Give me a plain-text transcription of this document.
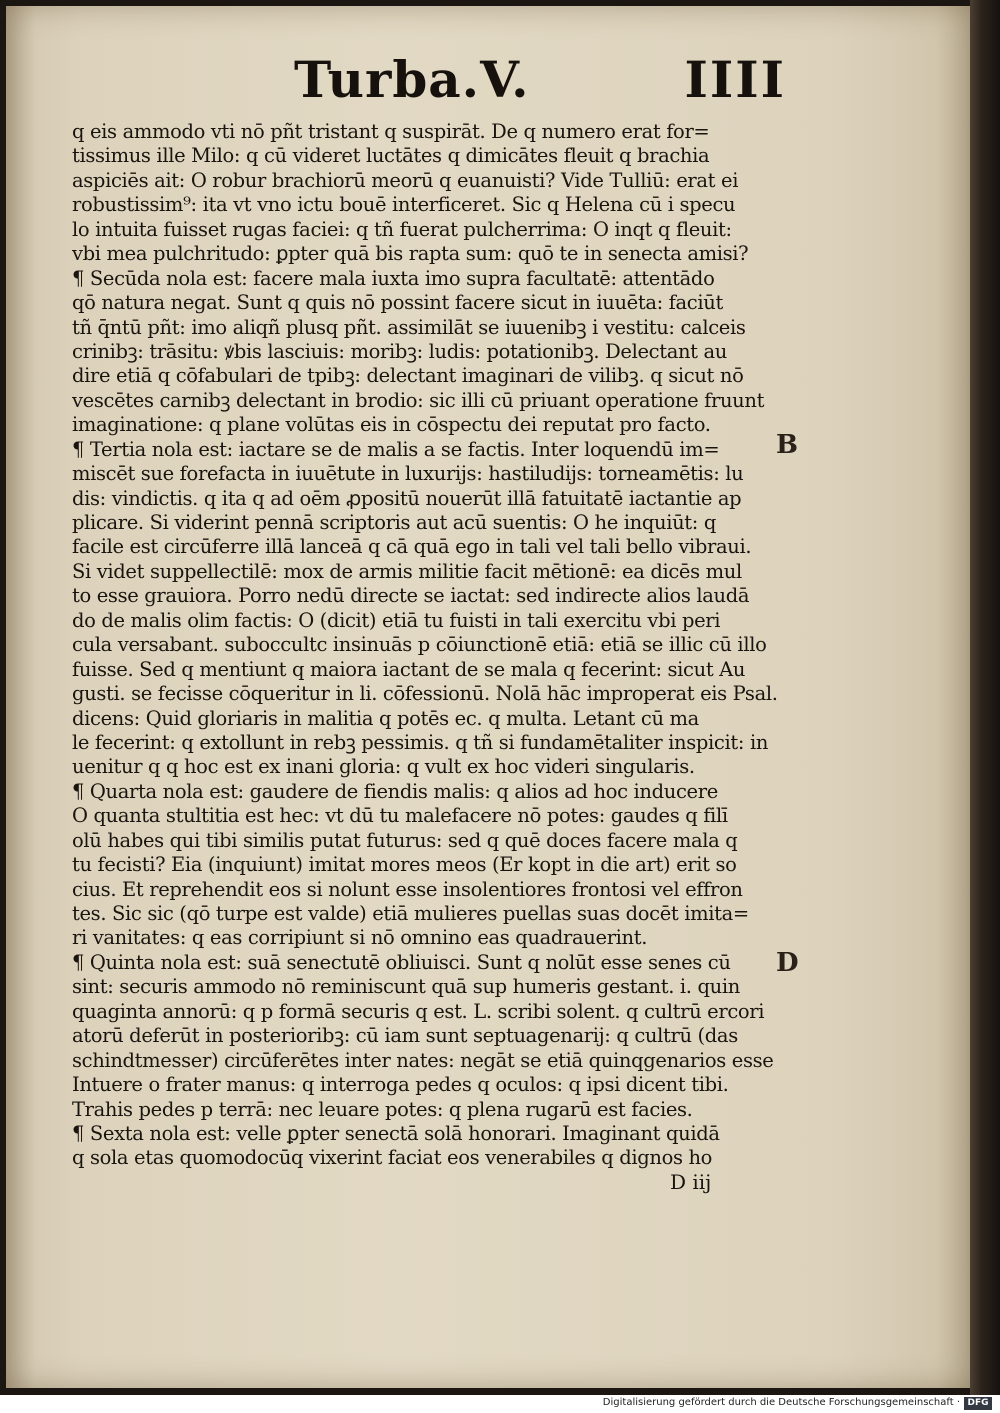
Turba.V.	IIII
q eis ammodo vti nō pñt tristant q suspirāt. De q numero erat for=
tissimus ille Milo: q cū videret luctātes q dimicātes fleuit q brachia
aspiciēs ait: O robur brachiorū meorū q euanuisti? Vide Tulliū: erat ei
robustissim⁹: ita vt vno ictu bouē interficeret. Sic q Helena cū i specu
lo intuita fuisset rugas faciei: q tñ fuerat pulcherrima: O inqt q fleuit:
vbi mea pulchritudo: ꝑpter quā bis rapta sum: quō te in senecta amisi?
¶ Secūda nola est: facere mala iuxta imo supra facultatē: attentādo
qō natura negat. Sunt q quis nō possint facere sicut in iuuēta: faciūt
tñ q̄ntū pñt: imo aliqñ plusq pñt. assimilāt se iuuenibꝫ i vestitu: calceis
crinibꝫ: trāsitu: ꝟbis lasciuis: moribꝫ: ludis: potationibꝫ. Delectant au
dire etiā q cōfabulari de tpibꝫ: delectant imaginari de vilibꝫ. q sicut nō
vescētes carnibꝫ delectant in brodio: sic illi cū priuant operatione fruunt
imaginatione: q plane volūtas eis in cōspectu dei reputat pro facto.
¶ Tertia nola est: iactare se de malis a se factis. Inter loquendū im=
miscēt sue forefacta in iuuētute in luxurijs: hastiludijs: torneamētis: lu
dis: vindictis. q ita q ad oēm ꝓpositū nouerūt illā fatuitatē iactantie ap
plicare. Si viderint pennā scriptoris aut acū suentis: O he inquiūt: q
facile est circūferre illā lanceā q cā quā ego in tali vel tali bello vibraui.
Si videt suppellectilē: mox de armis militie facit mētionē: ea dicēs mul
to esse grauiora. Porro nedū directe se iactat: sed indirecte alios laudā
do de malis olim factis: O (dicit) etiā tu fuisti in tali exercitu vbi peri
cula versabant. suboccultc insinuās p cōiunctionē etiā: etiā se illic cū illo
fuisse. Sed q mentiunt q maiora iactant de se mala q fecerint: sicut Au
gusti. se fecisse cōqueritur in li. cōfessionū. Nolā hāc improperat eis Psal.
dicens: Quid gloriaris in malitia q potēs ec. q multa. Letant cū ma
le fecerint: q extollunt in rebꝫ pessimis. q tñ si fundamētaliter inspicit: in
uenitur q q hoc est ex inani gloria: q vult ex hoc videri singularis.
¶ Quarta nola est: gaudere de fiendis malis: q alios ad hoc inducere
O quanta stultitia est hec: vt dū tu malefacere nō potes: gaudes q filī
olū habes qui tibi similis putat futurus: sed q quē doces facere mala q
tu fecisti? Eia (inquiunt) imitat mores meos (Er kopt in die art) erit so
cius. Et reprehendit eos si nolunt esse insolentiores frontosi vel effron
tes. Sic sic (qō turpe est valde) etiā mulieres puellas suas docēt imita=
ri vanitates: q eas corripiunt si nō omnino eas quadrauerint.
¶ Quinta nola est: suā senectutē obliuisci. Sunt q nolūt esse senes cū
sint: securis ammodo nō reminiscunt quā sup humeris gestant. i. quin
quaginta annorū: q p formā securis q est. L. scribi solent. q cultrū ercori
atorū deferūt in posterioribꝫ: cū iam sunt septuagenarij: q cultrū (das
schindtmesser) circūferētes inter nates: negāt se etiā quinqgenarios esse
Intuere o frater manus: q interroga pedes q oculos: q ipsi dicent tibi.
Trahis pedes p terrā: nec leuare potes: q plena rugarū est facies.
¶ Sexta nola est: velle ꝑpter senectā solā honorari. Imaginant quidā
q sola etas quomodocūq vixerint faciat eos venerabiles q dignos ho
B
D
D iij
Digitalisierung gefördert durch die Deutsche Forschungsgemeinschaft · DFG
